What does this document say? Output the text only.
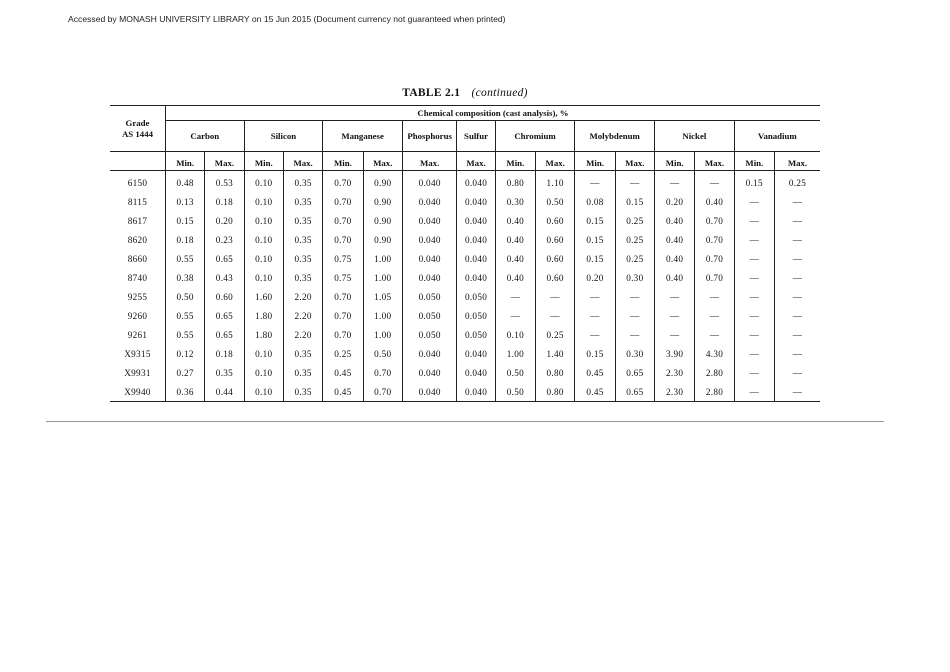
Accessed by MONASH UNIVERSITY LIBRARY on 15 Jun 2015 (Document currency not guaranteed when printed)
TABLE 2.1 (continued)
Grade
AS 1444	Chemical composition (cast analysis), %															
	Carbon		Silicon		Manganese		Phosphorus	Sulfur	Chromium		Molybdenum		Nickel		Vanadium	
	Min.	Max.	Min.	Max.	Min.	Max.	Max.	Max.	Min.	Max.	Min.	Max.	Min.	Max.	Min.	Max.
6150	0.48	0.53	0.10	0.35	0.70	0.90	0.040	0.040	0.80	1.10	—	—	—	—	0.15	0.25
8115	0.13	0.18	0.10	0.35	0.70	0.90	0.040	0.040	0.30	0.50	0.08	0.15	0.20	0.40	—	—
8617	0.15	0.20	0.10	0.35	0.70	0.90	0.040	0.040	0.40	0.60	0.15	0.25	0.40	0.70	—	—
8620	0.18	0.23	0.10	0.35	0.70	0.90	0.040	0.040	0.40	0.60	0.15	0.25	0.40	0.70	—	—
8660	0.55	0.65	0.10	0.35	0.75	1.00	0.040	0.040	0.40	0.60	0.15	0.25	0.40	0.70	—	—
8740	0.38	0.43	0.10	0.35	0.75	1.00	0.040	0.040	0.40	0.60	0.20	0.30	0.40	0.70	—	—
9255	0.50	0.60	1.60	2.20	0.70	1.05	0.050	0.050	—	—	—	—	—	—	—	—
9260	0.55	0.65	1.80	2.20	0.70	1.00	0.050	0.050	—	—	—	—	—	—	—	—
9261	0.55	0.65	1.80	2.20	0.70	1.00	0.050	0.050	0.10	0.25	—	—	—	—	—	—
X9315	0.12	0.18	0.10	0.35	0.25	0.50	0.040	0.040	1.00	1.40	0.15	0.30	3.90	4.30	—	—
X9931	0.27	0.35	0.10	0.35	0.45	0.70	0.040	0.040	0.50	0.80	0.45	0.65	2.30	2.80	—	—
X9940	0.36	0.44	0.10	0.35	0.45	0.70	0.040	0.040	0.50	0.80	0.45	0.65	2.30	2.80	—	—
